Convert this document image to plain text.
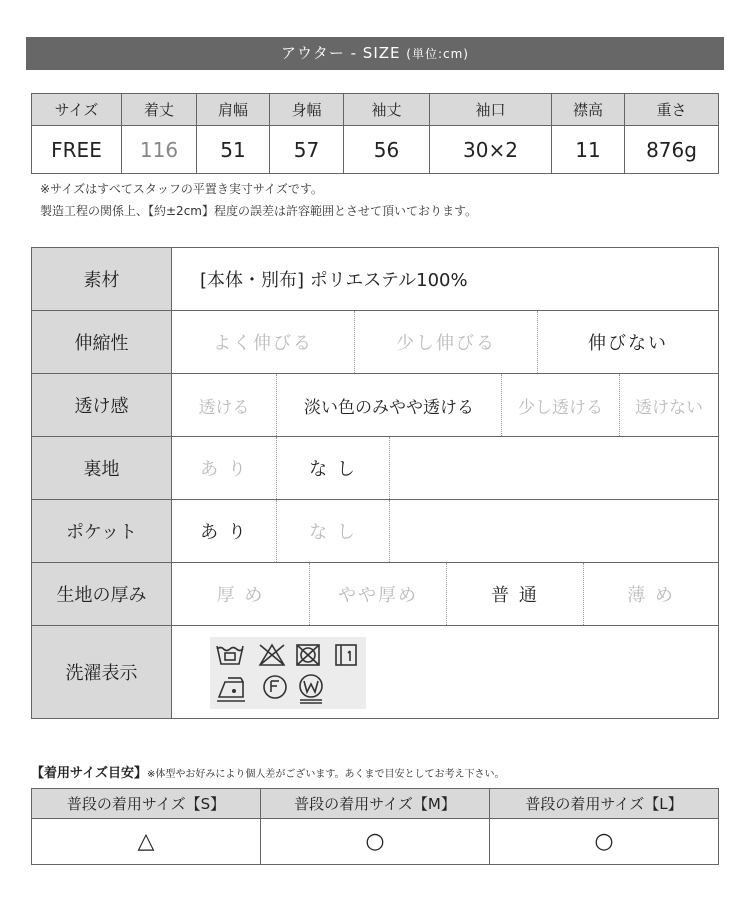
アウター - SIZE (単位:cm)
サイズ	着丈	肩幅	身幅	袖丈	袖口	襟高	重さ
FREE	116	51	57	56	30×2	11	876g
※サイズはすべてスタッフの平置き実寸サイズです。
製造工程の関係上、【約±2cm】程度の誤差は許容範囲とさせて頂いております。
素材	[本体・別布] ポリエステル100%
伸縮性	よく伸びる	少し伸びる	伸びない
透け感	透ける	淡い色のみやや透ける	少し透ける	透けない
裏地	あ り	な し
ポケット	あ り	な し
生地の厚み	厚 め	やや厚め	普 通	薄 め
洗濯表示
【着用サイズ目安】※体型やお好みにより個人差がございます。あくまで目安としてお考え下さい。
普段の着用サイズ【S】	普段の着用サイズ【M】	普段の着用サイズ【L】
△	○	○
